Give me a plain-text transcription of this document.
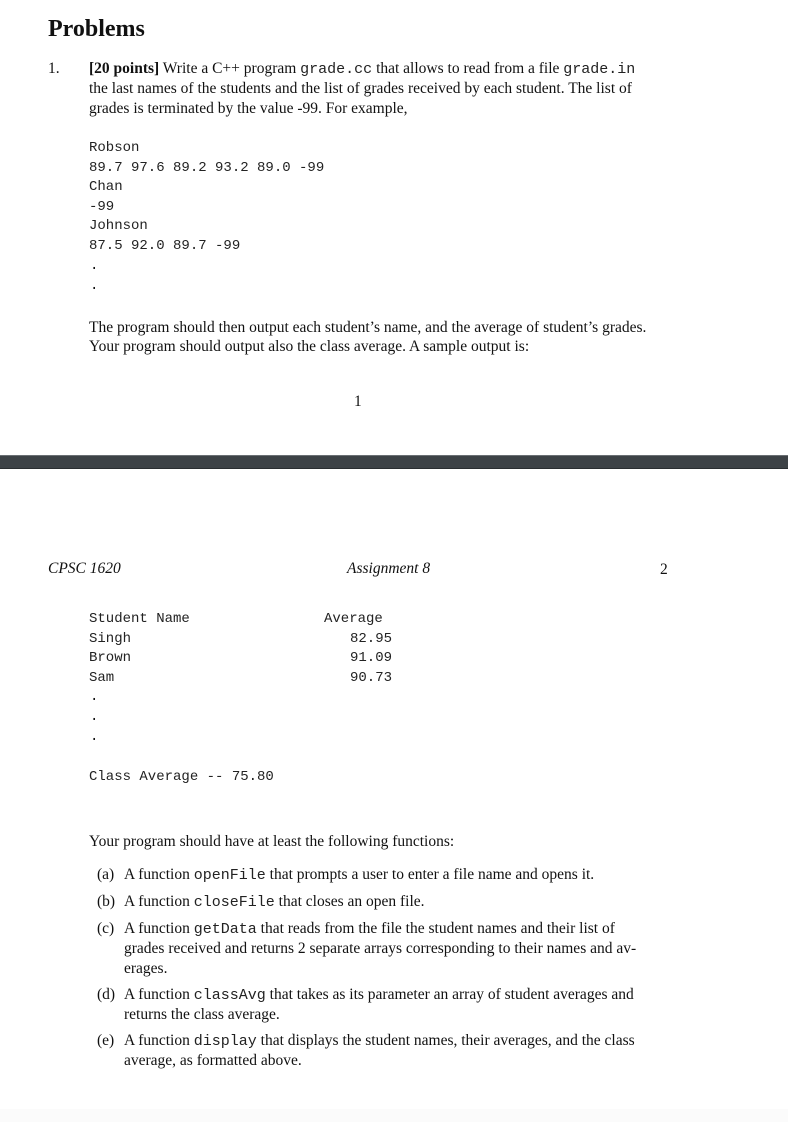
Problems
1. [20 points] Write a C++ program grade.cc that allows to read from a file grade.in
the last names of the students and the list of grades received by each student. The list of
grades is terminated by the value -99. For example,
Robson
89.7 97.6 89.2 93.2 89.0 -99
Chan
-99
Johnson
87.5 92.0 89.7 -99
.
.
The program should then output each student’s name, and the average of student’s grades.
Your program should output also the class average. A sample output is:
1
CPSC 1620	Assignment 8	2
Student Name	Average
Singh	82.95
Brown	91.09
Sam	90.73
.
.
.
Class Average -- 75.80
Your program should have at least the following functions:
(a) A function openFile that prompts a user to enter a file name and opens it.
(b) A function closeFile that closes an open file.
(c) A function getData that reads from the file the student names and their list of
grades received and returns 2 separate arrays corresponding to their names and av-
erages.
(d) A function classAvg that takes as its parameter an array of student averages and
returns the class average.
(e) A function display that displays the student names, their averages, and the class
average, as formatted above.
